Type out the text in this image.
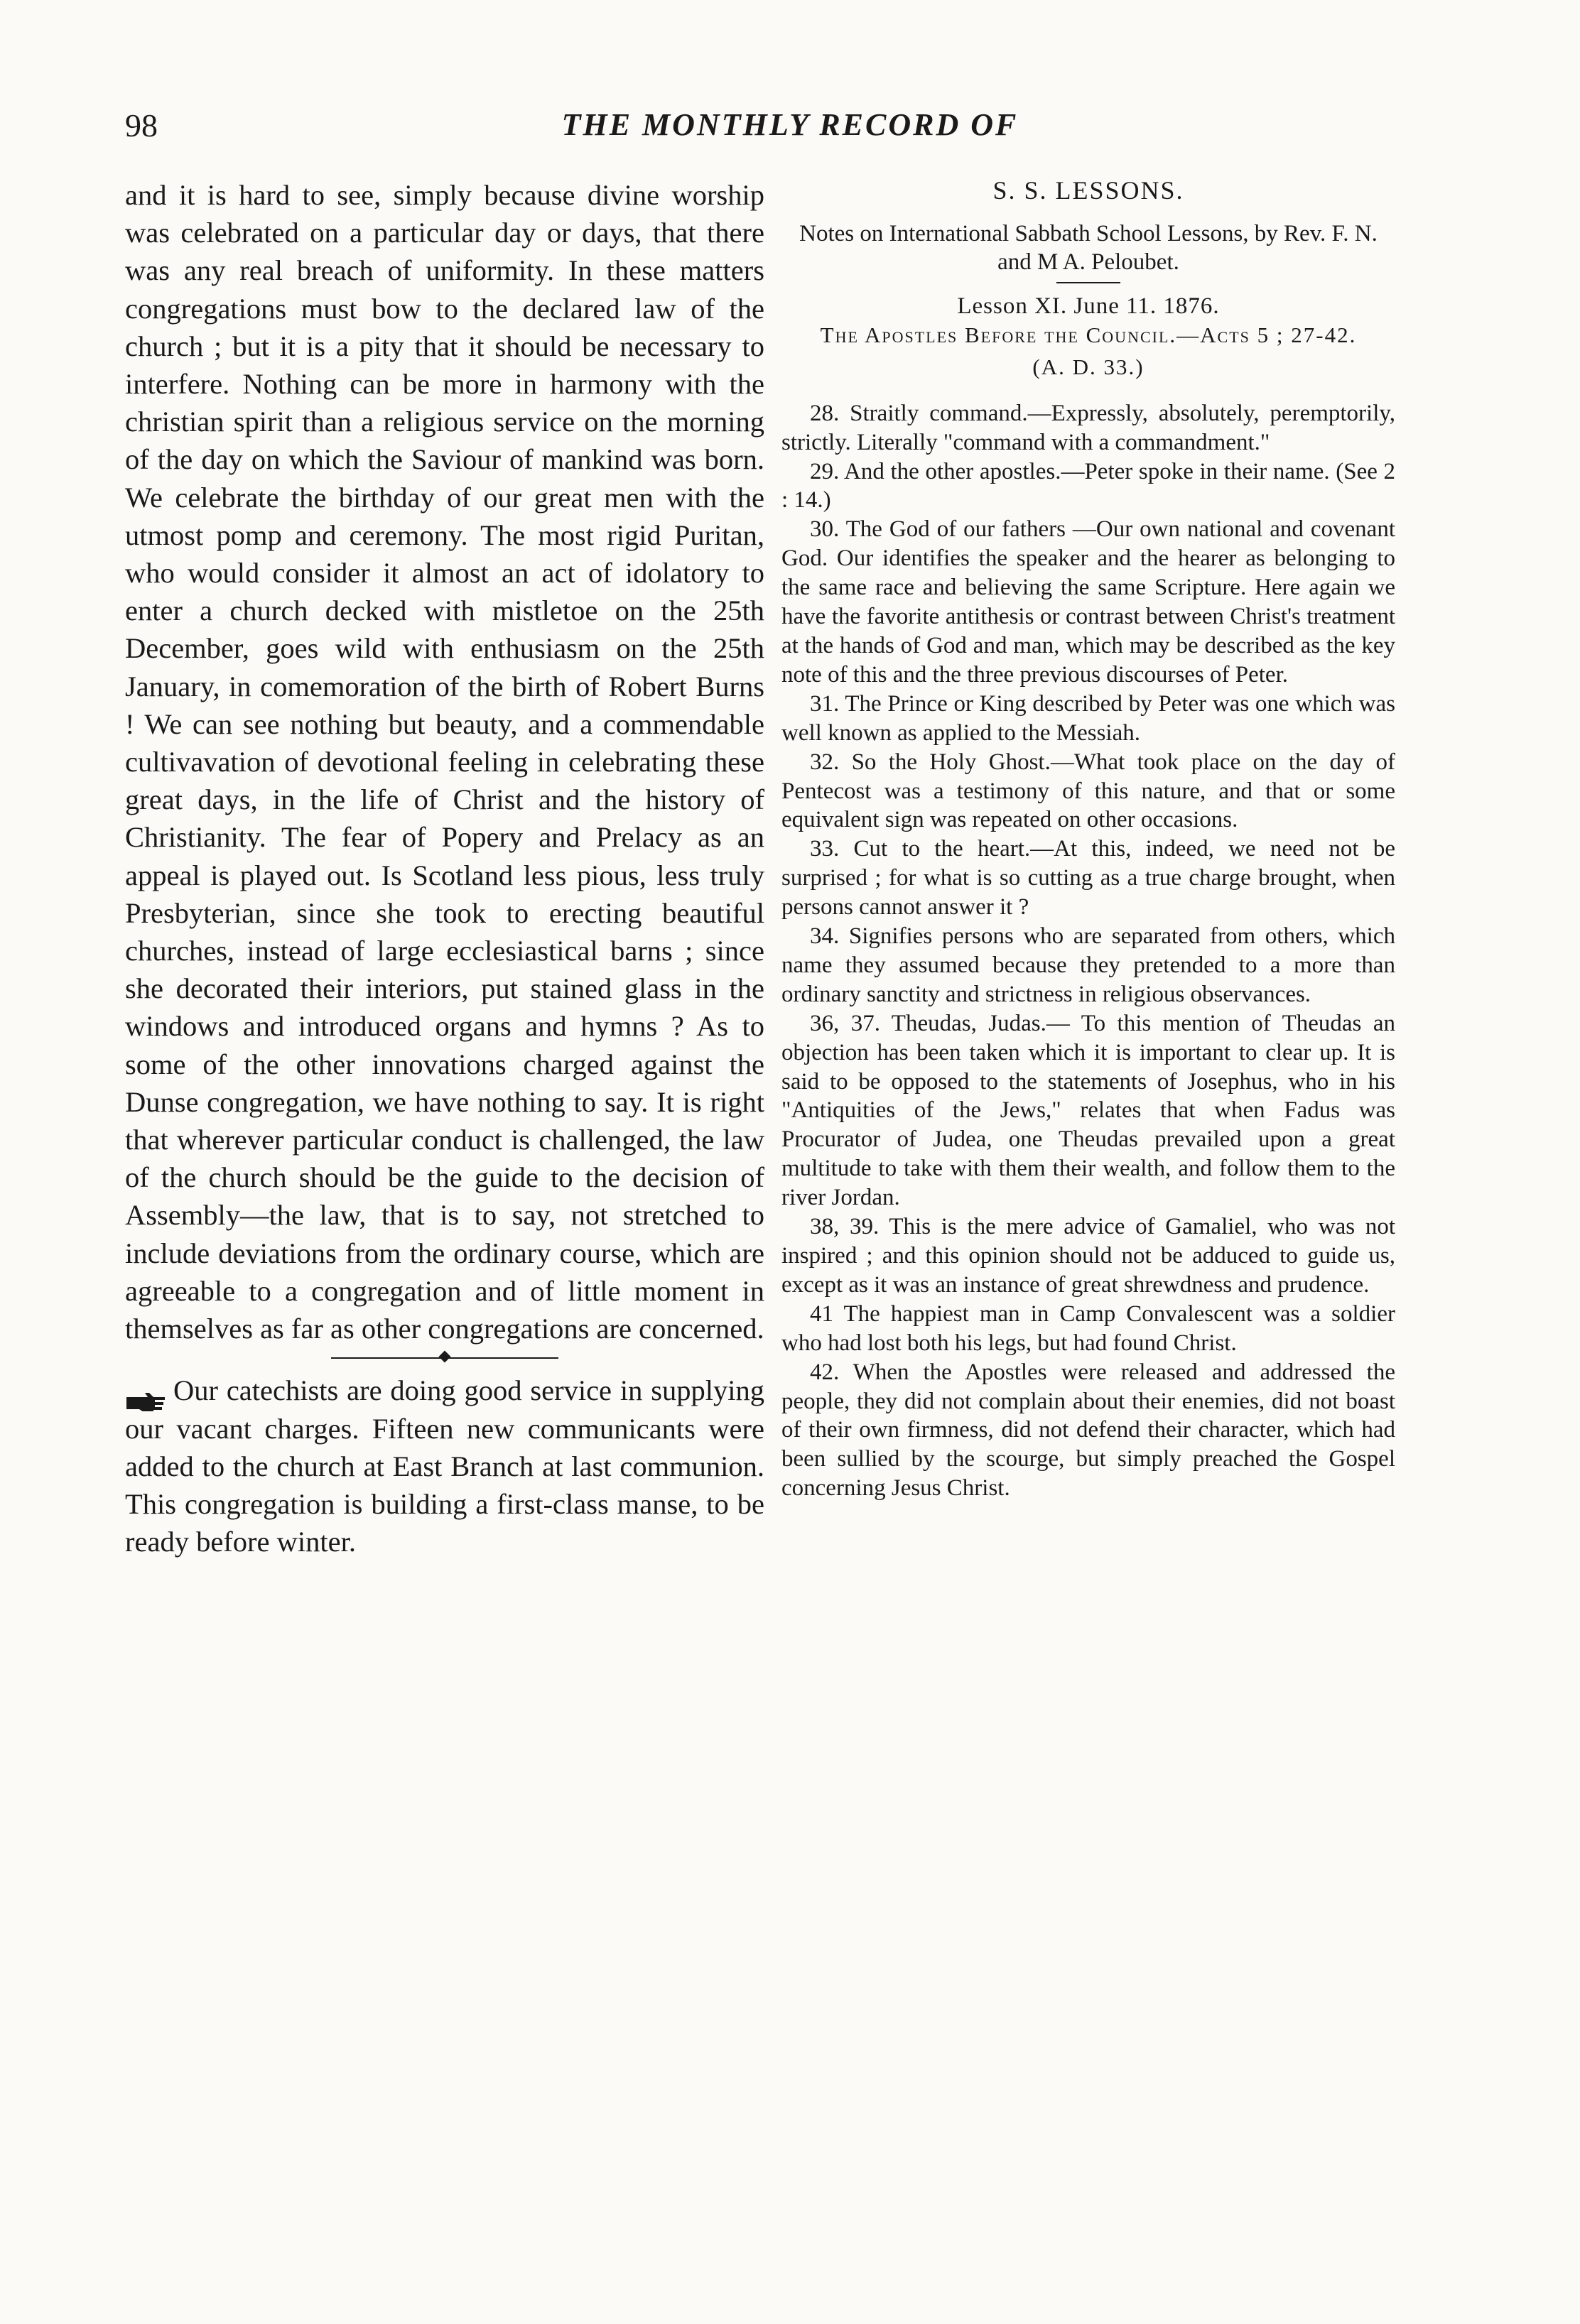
98	THE MONTHLY RECORD OF

and it is hard to see, simply because divine worship was celebrated on a particular day or days, that there was any real breach of uniformity. In these matters congregations must bow to the declared law of the church ; but it is a pity that it should be necessary to interfere. Nothing can be more in harmony with the christian spirit than a religious service on the morning of the day on which the Saviour of mankind was born. We celebrate the birthday of our great men with the utmost pomp and ceremony. The most rigid Puritan, who would consider it almost an act of idolatory to enter a church decked with mistletoe on the 25th December, goes wild with enthusiasm on the 25th January, in comemoration of the birth of Robert Burns ! We can see nothing but beauty, and a commendable cultivavation of devotional feeling in celebrating these great days, in the life of Christ and the history of Christianity. The fear of Popery and Prelacy as an appeal is played out. Is Scotland less pious, less truly Presbyterian, since she took to erecting beautiful churches, instead of large ecclesiastical barns ; since she decorated their interiors, put stained glass in the windows and introduced organs and hymns ? As to some of the other innovations charged against the Dunse congregation, we have nothing to say. It is right that wherever particular conduct is challenged, the law of the church should be the guide to the decision of Assembly—the law, that is to say, not stretched to include deviations from the ordinary course, which are agreeable to a congregation and of little moment in themselves as far as other congregations are concerned.

Our catechists are doing good service in supplying our vacant charges. Fifteen new communicants were added to the church at East Branch at last communion. This congregation is building a first-class manse, to be ready before winter.

S. S. LESSONS.
Notes on International Sabbath School Lessons, by Rev. F. N. and M A. Peloubet.
Lesson XI. June 11. 1876.
The Apostles Before the Council.—Acts 5 ; 27-42.
(A. D. 33.)

28. Straitly command.—Expressly, absolutely, peremptorily, strictly. Literally "command with a commandment."

29. And the other apostles.—Peter spoke in their name. (See 2 : 14.)

30. The God of our fathers —Our own national and covenant God. Our identifies the speaker and the hearer as belonging to the same race and believing the same Scripture. Here again we have the favorite antithesis or contrast between Christ's treatment at the hands of God and man, which may be described as the key note of this and the three previous discourses of Peter.

31. The Prince or King described by Peter was one which was well known as applied to the Messiah.

32. So the Holy Ghost.—What took place on the day of Pentecost was a testimony of this nature, and that or some equivalent sign was repeated on other occasions.

33. Cut to the heart.—At this, indeed, we need not be surprised ; for what is so cutting as a true charge brought, when persons cannot answer it ?

34. Signifies persons who are separated from others, which name they assumed because they pretended to a more than ordinary sanctity and strictness in religious observances.

36, 37. Theudas, Judas.— To this mention of Theudas an objection has been taken which it is important to clear up. It is said to be opposed to the statements of Josephus, who in his "Antiquities of the Jews," relates that when Fadus was Procurator of Judea, one Theudas prevailed upon a great multitude to take with them their wealth, and follow them to the river Jordan.

38, 39. This is the mere advice of Gamaliel, who was not inspired ; and this opinion should not be adduced to guide us, except as it was an instance of great shrewdness and prudence.

41 The happiest man in Camp Convalescent was a soldier who had lost both his legs, but had found Christ.

42. When the Apostles were released and addressed the people, they did not complain about their enemies, did not boast of their own firmness, did not defend their character, which had been sullied by the scourge, but simply preached the Gospel concerning Jesus Christ.
